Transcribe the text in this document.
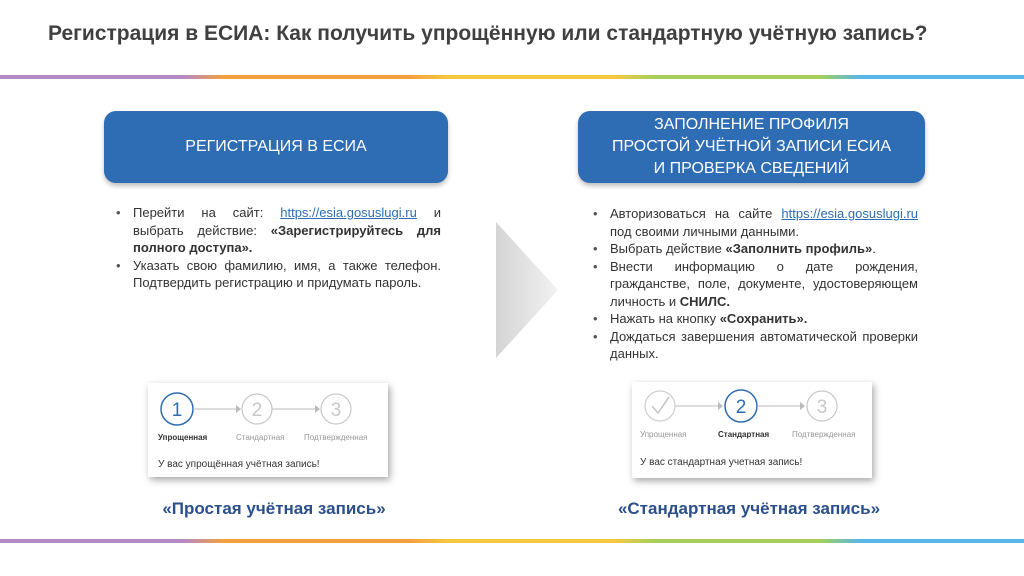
Регистрация в ЕСИА: Как получить упрощённую или стандартную учётную запись?
РЕГИСТРАЦИЯ В ЕСИА
• Перейти на сайт: https://esia.gosuslugi.ru и выбрать действие: «Зарегистрируйтесь для полного доступа».
• Указать свою фамилию, имя, а также телефон. Подтвердить регистрацию и придумать пароль.
1	2	3
Упрощенная	Стандартная Подтвержденная
У вас упрощённая учётная запись!
«Простая учётная запись»
ЗАПОЛНЕНИЕ ПРОФИЛЯ
ПРОСТОЙ УЧЁТНОЙ ЗАПИСИ ЕСИА
И ПРОВЕРКА СВЕДЕНИЙ
• Авторизоваться на сайте https://esia.gosuslugi.ru под своими личными данными.
• Выбрать действие «Заполнить профиль».
• Внести информацию о дате рождения, гражданстве, поле, документе, удостоверяющем личность и СНИЛС.
• Нажать на кнопку «Сохранить».
• Дождаться завершения автоматической проверки данных.
2	3
Упрощенная	Стандартная	Подтвержденная
У вас стандартная учетная запись!
«Стандартная учётная запись»
